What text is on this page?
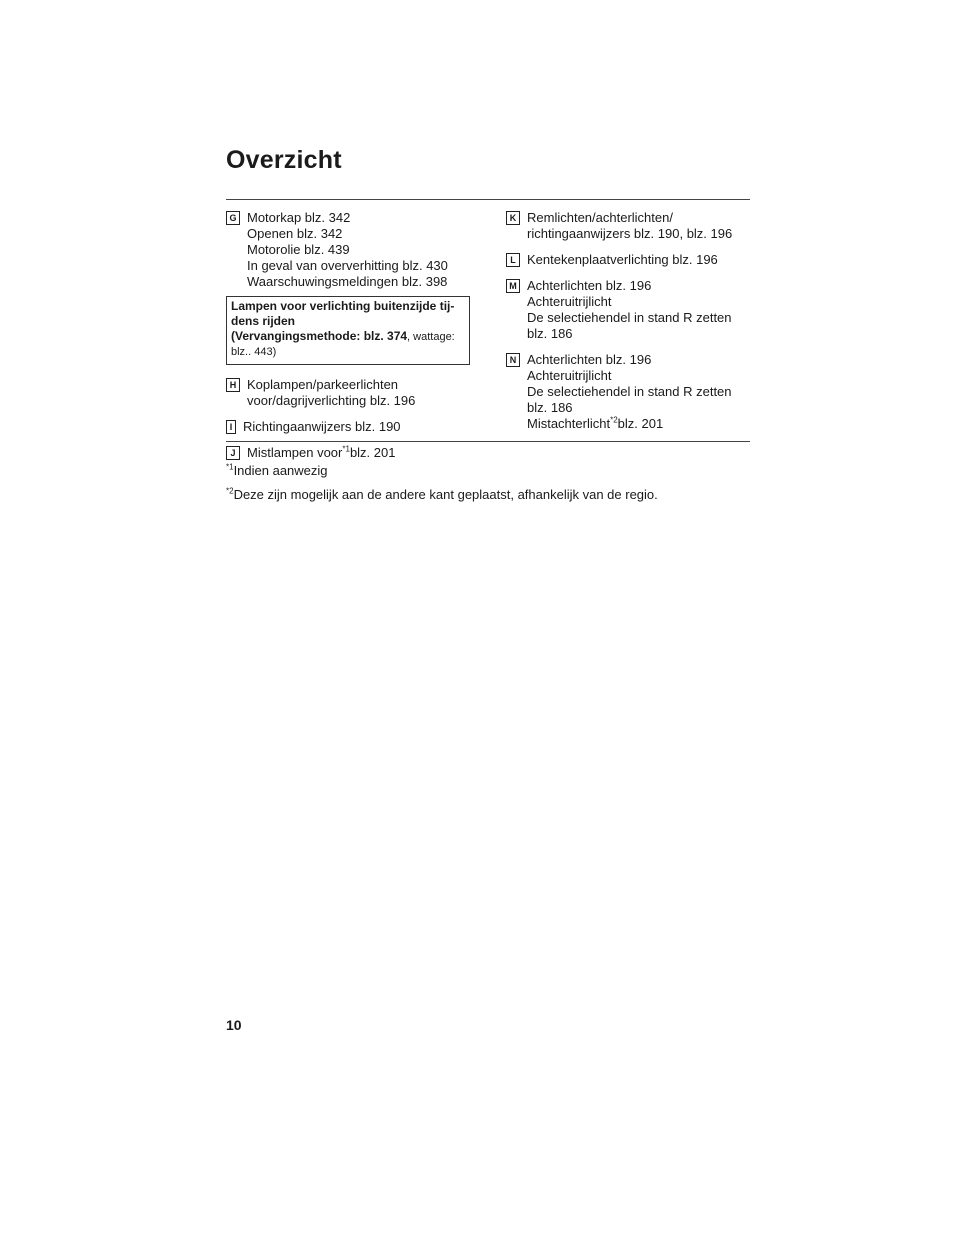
Overzicht
G Motorkap blz. 342
Openen blz. 342
Motorolie blz. 439
In geval van oververhitting blz. 430
Waarschuwingsmeldingen blz. 398
Lampen voor verlichting buitenzijde tij-
dens rijden
(Vervangingsmethode: blz. 374, wattage:
blz.. 443)
H Koplampen/parkeerlichten
voor/dagrijverlichting blz. 196
I Richtingaanwijzers blz. 190
J Mistlampen voor$^{*1}$blz. 201
K Remlichten/achterlichten/
richtingaanwijzers blz. 190, blz. 196
L Kentekenplaatverlichting blz. 196
M Achterlichten blz. 196
Achteruitrijlicht
De selectiehendel in stand R zetten
blz. 186
N Achterlichten blz. 196
Achteruitrijlicht
De selectiehendel in stand R zetten
blz. 186
Mistachterlicht$^{*2}$blz. 201
$^{*1}$Indien aanwezig
$^{*2}$Deze zijn mogelijk aan de andere kant geplaatst, afhankelijk van de regio.
10
